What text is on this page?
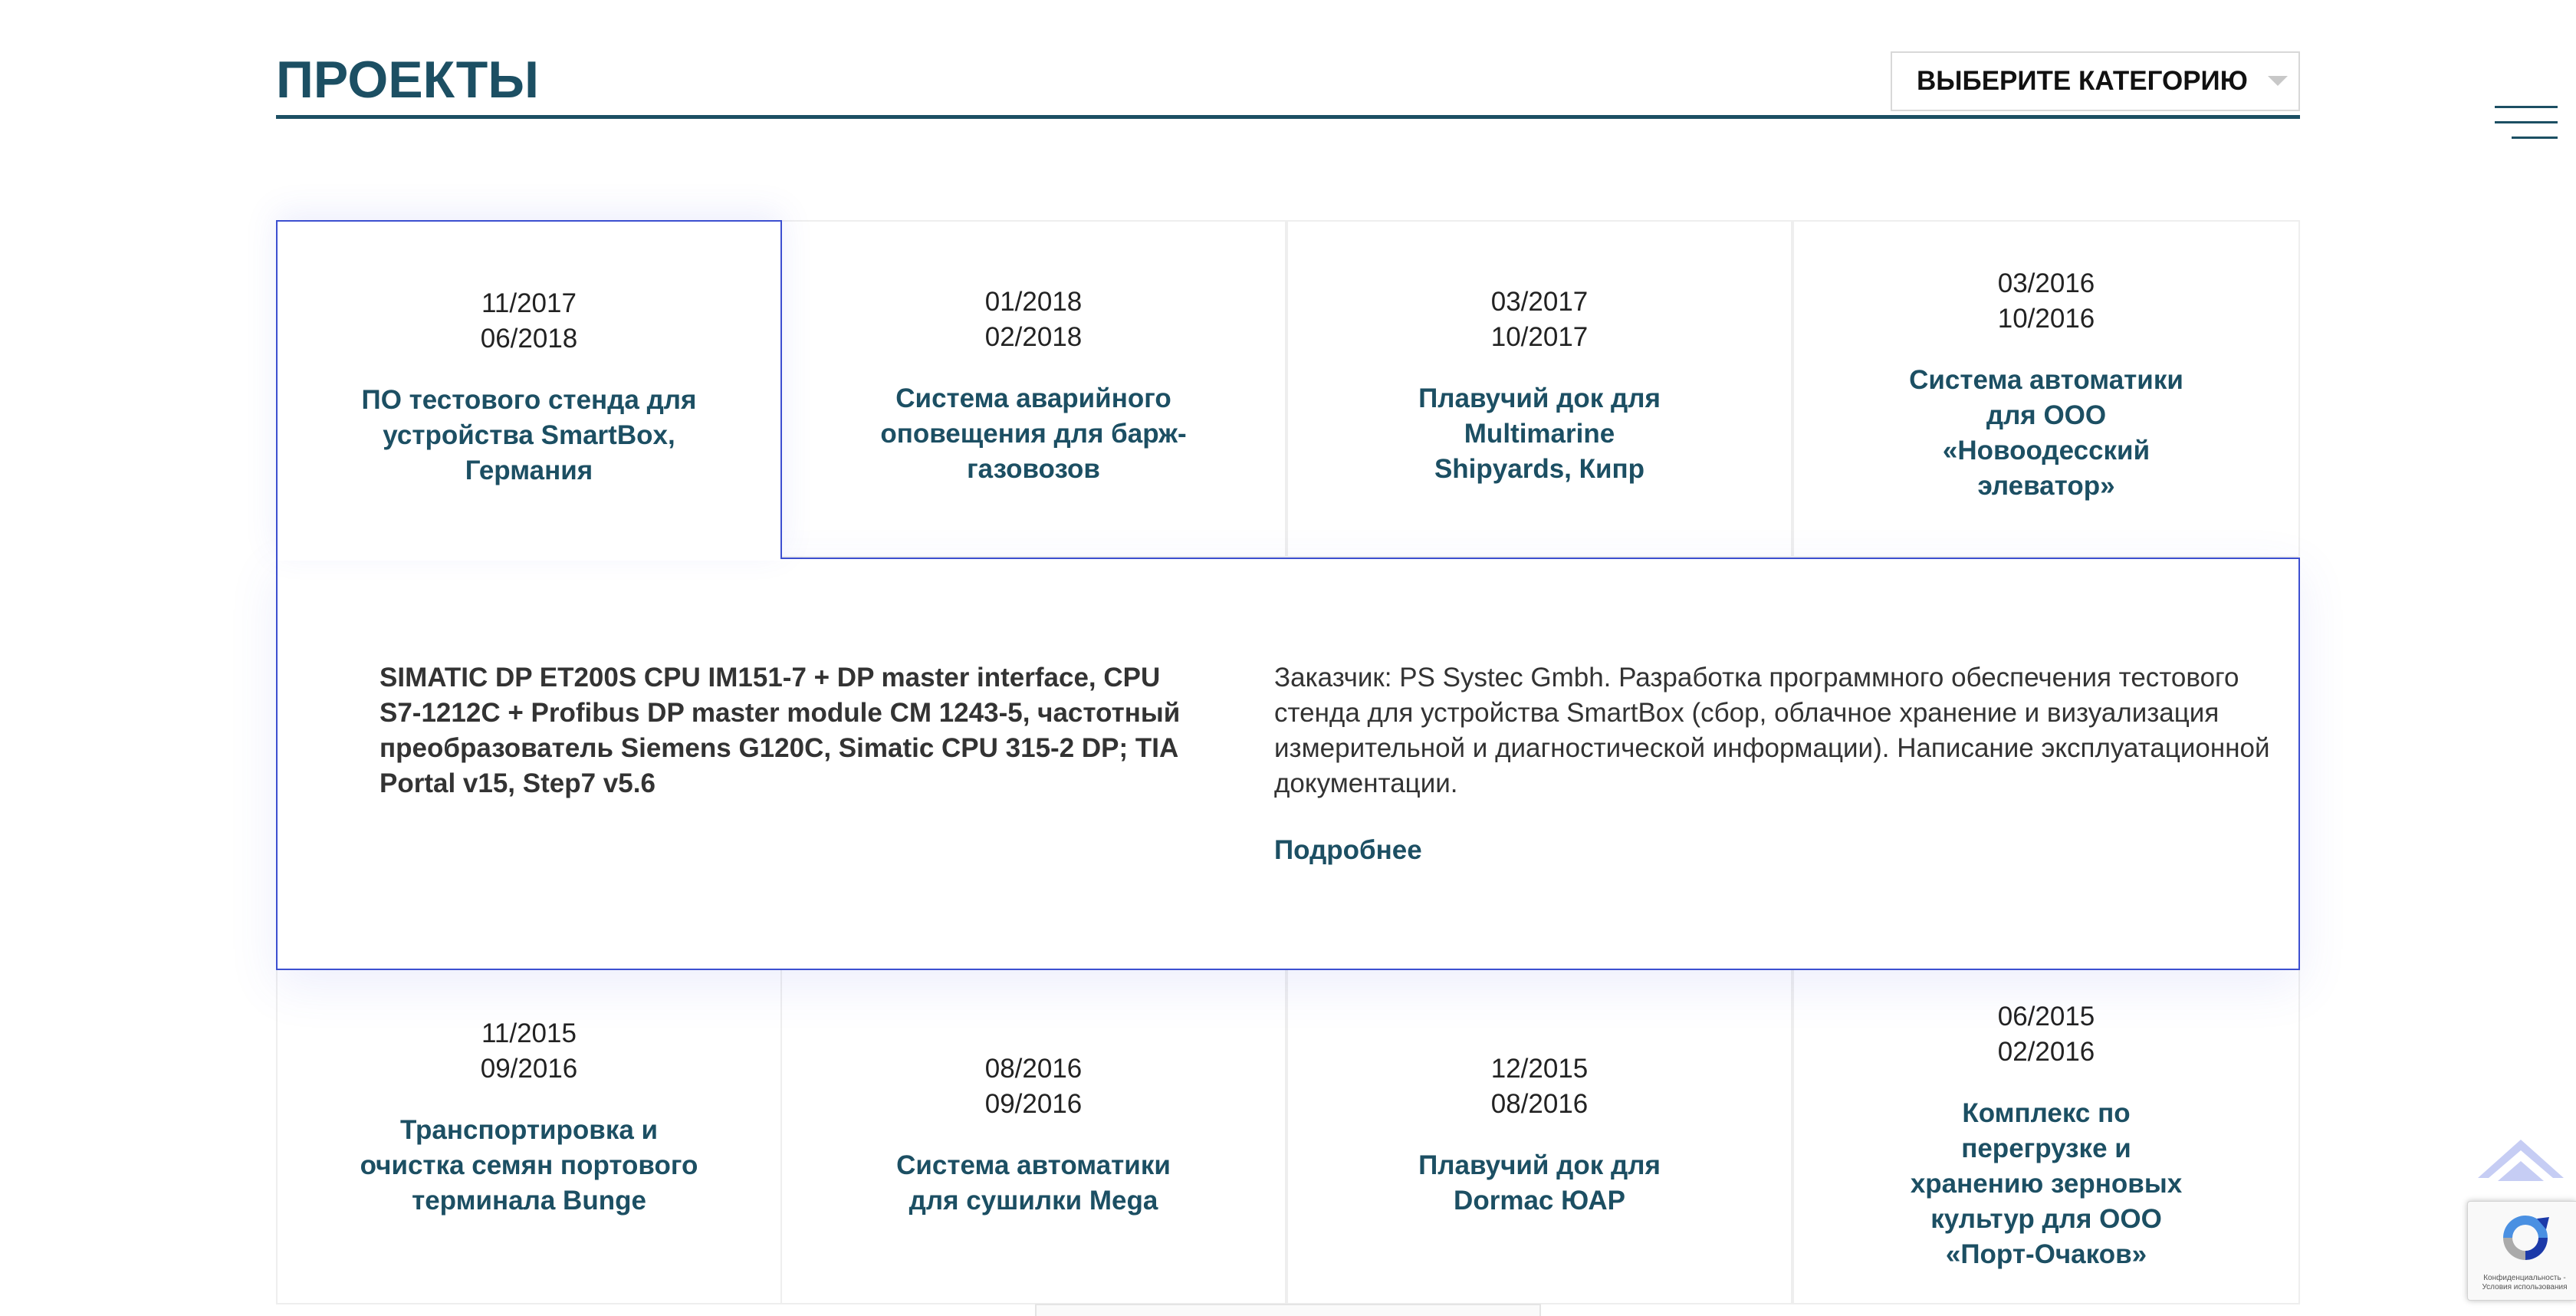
ПРОЕКТЫ	ВЫБЕРИТЕ КАТЕГОРИЮ
11/2017
06/2018
ПО тестового стенда для устройства SmartBox, Германия
01/2018
02/2018
Система аварийного оповещения для барж-газовозов
03/2017
10/2017
Плавучий док для Multimarine Shipyards, Кипр
03/2016
10/2016
Система автоматики для ООО «Новоодесский элеватор»
SIMATIC DP ET200S CPU IM151-7 + DP master interface, CPU S7-1212C + Profibus DP master module CM 1243-5, частотный преобразователь Siemens G120C, Simatic CPU 315-2 DP; TIA Portal v15, Step7 v5.6
Заказчик: PS Systec Gmbh. Разработка программного обеспечения тестового стенда для устройства SmartBox (сбор, облачное хранение и визуализация измерительной и диагностической информации). Написание эксплуатационной документации.
Подробнее
11/2015
09/2016
Транспортировка и очистка семян портового терминала Bunge
08/2016
09/2016
Система автоматики для сушилки Mega
12/2015
08/2016
Плавучий док для Dormac ЮАР
06/2015
02/2016
Комплекс по перегрузке и хранению зерновых культур для ООО «Порт-Очаков»
Конфиденциальность - Условия использования
